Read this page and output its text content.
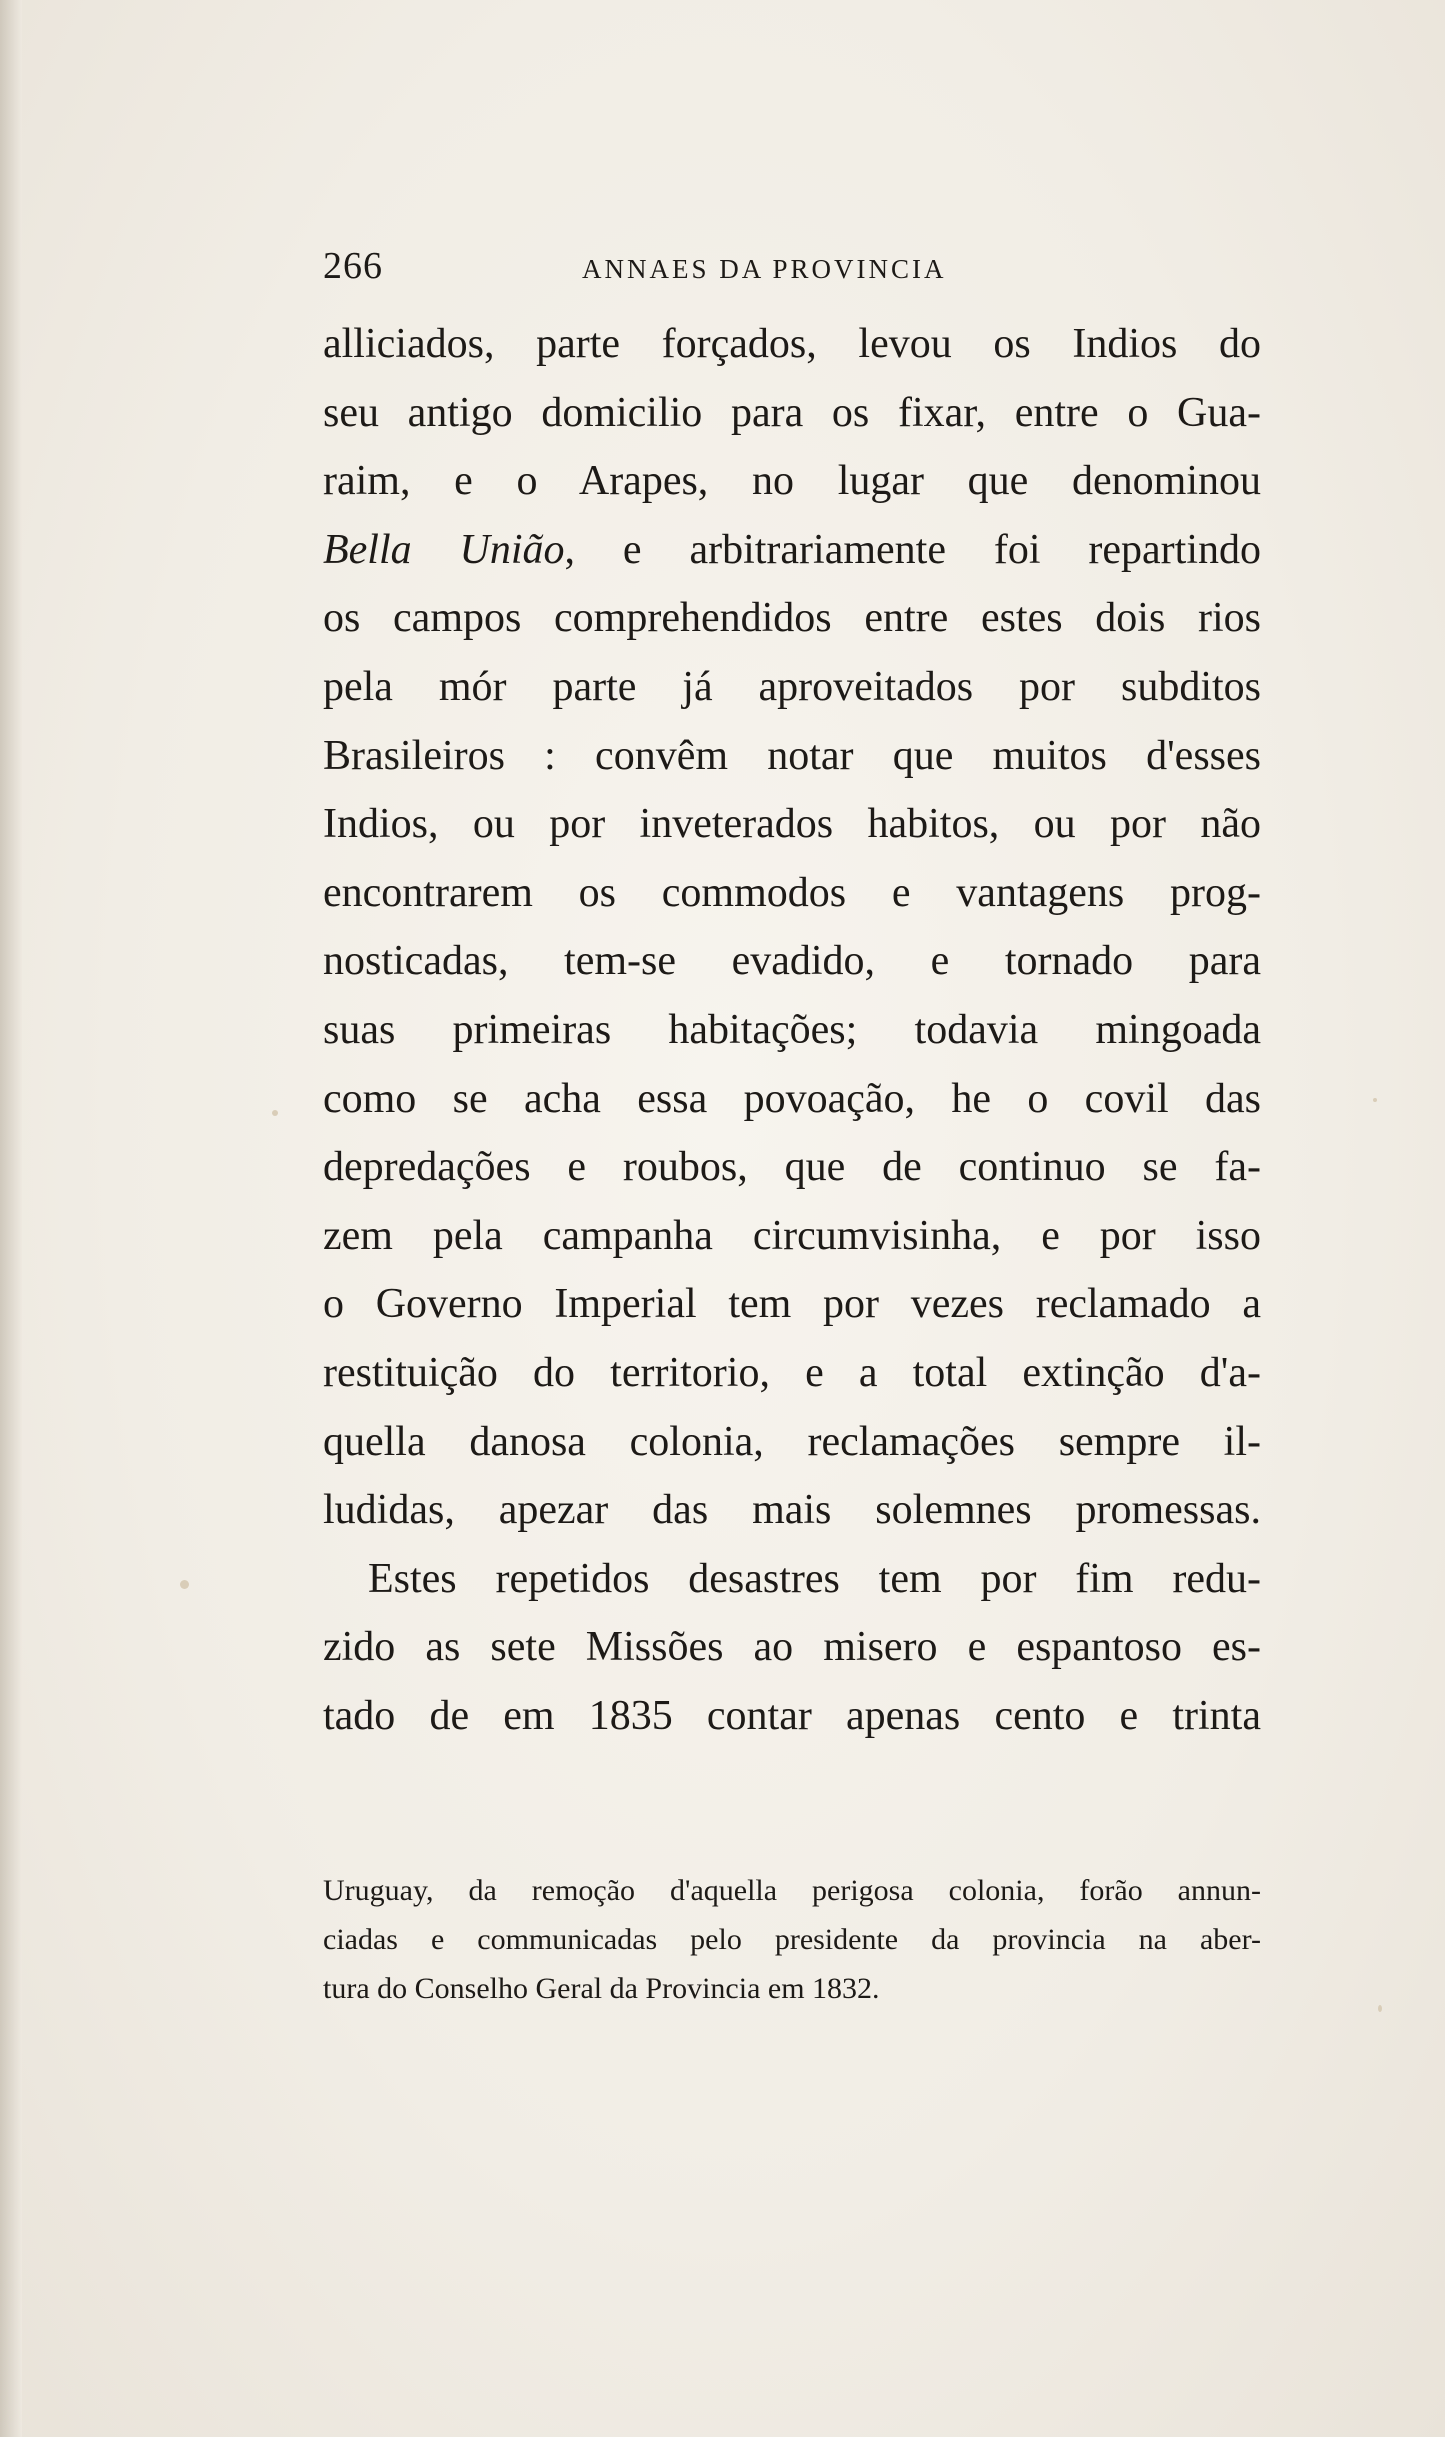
266	ANNAES DA PROVINCIA
alliciados, parte forçados, levou os Indios do
seu antigo domicilio para os fixar, entre o Gua-
raim, e o Arapes, no lugar que denominou
Bella União, e arbitrariamente foi repartindo
os campos comprehendidos entre estes dois rios
pela mór parte já aproveitados por subditos
Brasileiros : convêm notar que muitos d'esses
Indios, ou por inveterados habitos, ou por não
encontrarem os commodos e vantagens prog-
nosticadas, tem-se evadido, e tornado para
suas primeiras habitações; todavia mingoada
como se acha essa povoação, he o covil das
depredações e roubos, que de continuo se fa-
zem pela campanha circumvisinha, e por isso
o Governo Imperial tem por vezes reclamado a
restituição do territorio, e a total extinção d'a-
quella danosa colonia, reclamações sempre il-
ludidas, apezar das mais solemnes promessas.
Estes repetidos desastres tem por fim redu-
zido as sete Missões ao misero e espantoso es-
tado de em 1835 contar apenas cento e trinta
Uruguay, da remoção d'aquella perigosa colonia, forão annun-
ciadas e communicadas pelo presidente da provincia na aber-
tura do Conselho Geral da Provincia em 1832.
